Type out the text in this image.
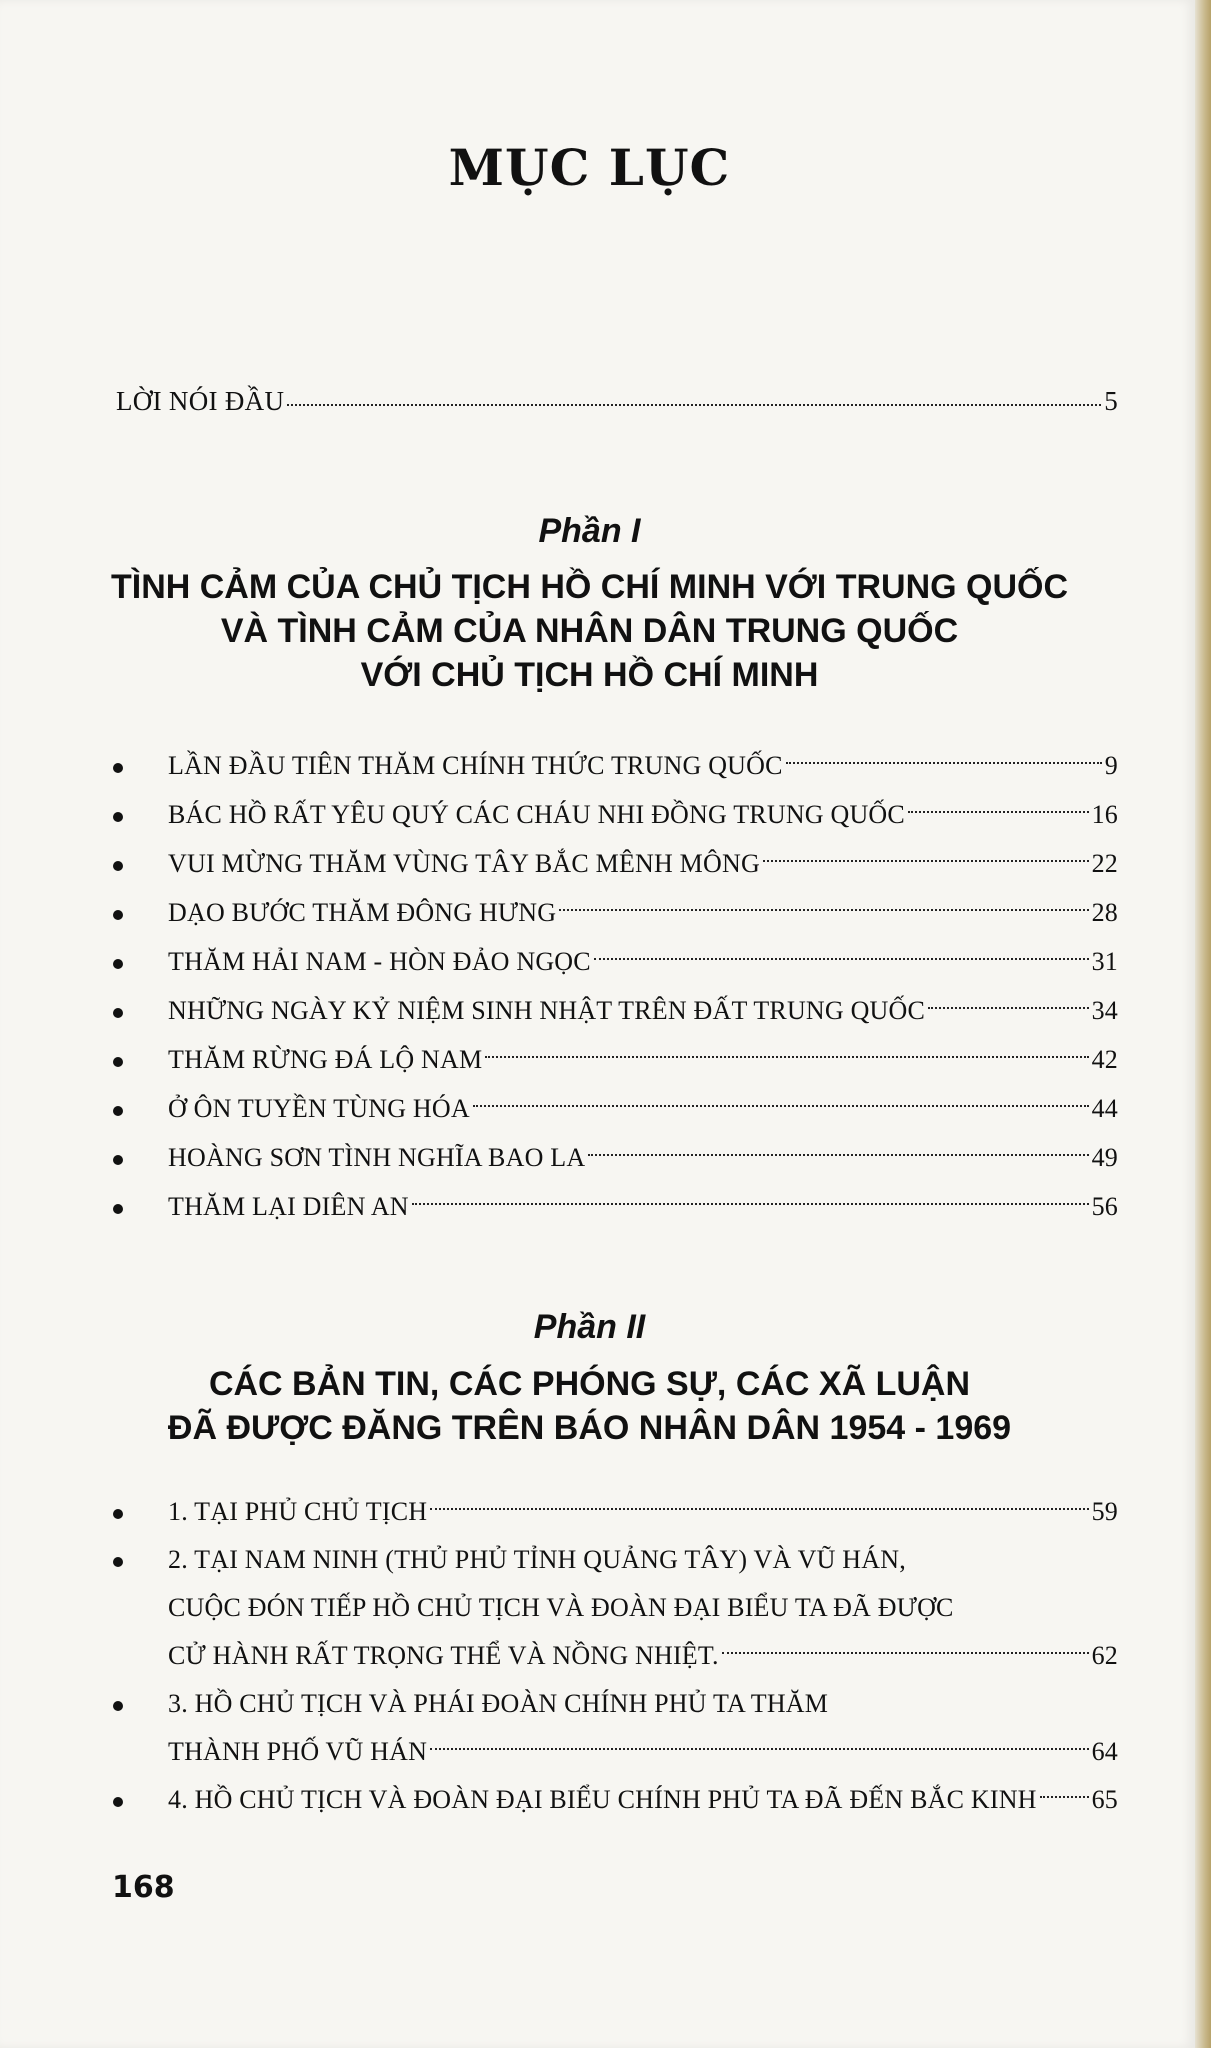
MỤC LỤC
LỜI NÓI ĐẦU	5
Phần I
TÌNH CẢM CỦA CHỦ TỊCH HỒ CHÍ MINH VỚI TRUNG QUỐC
VÀ TÌNH CẢM CỦA NHÂN DÂN TRUNG QUỐC
VỚI CHỦ TỊCH HỒ CHÍ MINH
LẦN ĐẦU TIÊN THĂM CHÍNH THỨC TRUNG QUỐC	9
BÁC HỒ RẤT YÊU QUÝ CÁC CHÁU NHI ĐỒNG TRUNG QUỐC	16
VUI MỪNG THĂM VÙNG TÂY BẮC MÊNH MÔNG	22
DẠO BƯỚC THĂM ĐÔNG HƯNG	28
THĂM HẢI NAM - HÒN ĐẢO NGỌC	31
NHỮNG NGÀY KỶ NIỆM SINH NHẬT TRÊN ĐẤT TRUNG QUỐC	34
THĂM RỪNG ĐÁ LỘ NAM	42
Ở ÔN TUYỀN TÙNG HÓA	44
HOÀNG SƠN TÌNH NGHĨA BAO LA	49
THĂM LẠI DIÊN AN	56
Phần II
CÁC BẢN TIN, CÁC PHÓNG SỰ, CÁC XÃ LUẬN
ĐÃ ĐƯỢC ĐĂNG TRÊN BÁO NHÂN DÂN 1954 - 1969
1. TẠI PHỦ CHỦ TỊCH	59
2. TẠI NAM NINH (THỦ PHỦ TỈNH QUẢNG TÂY) VÀ VŨ HÁN,
CUỘC ĐÓN TIẾP HỒ CHỦ TỊCH VÀ ĐOÀN ĐẠI BIỂU TA ĐÃ ĐƯỢC
CỬ HÀNH RẤT TRỌNG THỂ VÀ NỒNG NHIỆT.	62
3. HỒ CHỦ TỊCH VÀ PHÁI ĐOÀN CHÍNH PHỦ TA THĂM
THÀNH PHỐ VŨ HÁN	64
4. HỒ CHỦ TỊCH VÀ ĐOÀN ĐẠI BIỂU CHÍNH PHỦ TA ĐÃ ĐẾN BẮC KINH 65
168
